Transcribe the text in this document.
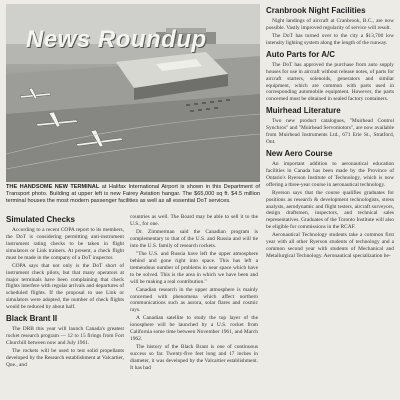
News Roundup
THE HANDSOME NEW TERMINAL at Halifax International Airport is shown in this Department of Transport photo. Building at upper left is new Fairey Aviation hangar. The $65,000 sq ft. $4.5 million terminal houses the most modern passenger facilities as well as all essential DoT services.
Simulated Checks

According to a recent COPA report to its members, the DoT is considering permitting anti-instrument instrument rating checks to be taken in flight simulators or Link trainers. At present, a check flight must be made in the company of a DoT inspector.

COPA says that not only is the DoT short of instrument check pilots, but that many operators at major terminals have been complaining that check flights interfere with regular arrivals and departures of scheduled flights. If the proposal to use Link or simulators were adopted, the number of check flights would be reduced by about half.

Black Brant II

The DRB this year will launch Canada's greatest rocket research program — 12 to 15 firings from Fort Churchill between now and July 1961.

The rockets will be used to test solid propellants developed by the Research establishment at Valcartier, Que., and

countries as well. The Board may be able to sell it to the U.S., for one.

Dr. Zimmerman said the Canadian program is complementary to that of the U.S. and Russia and will tie into the U.S. family of research rockets.

"The U.S. and Russia have left the upper atmosphere behind and gone right into space. This has left a tremendous number of problems in near space which have to be solved. This is the area in which we have been and will be making a real contribution."

Canadian research in the upper atmosphere is mainly concerned with phenomena which affect northern communications such as aurora, solar flares and cosmic rays.

A Canadian satellite to study the top layer of the ionosphere will be launched by a U.S. rocket from California some time between November 1961, and March 1962.

The history of the Black Brant is one of continuous success so far. Twenty-five feet long and 17 inches in diameter, it was developed by the Valcartier establishment. It has had

Cranbrook Night Facilities

Night landings of aircraft at Cranbrook, B.C., are now possible. Vastly improved regularity of service will result.

The DoT has turned over to the city a $13,700 low intensity lighting system along the length of the runway.

Auto Parts for A/C

The DoT has approved the purchase from auto supply houses for use in aircraft without release notes, of parts for aircraft starters, solenoids, generators and similar equipment, which are common with parts used in corresponding automobile equipment. However, the parts concerned must be obtained in sealed factory containers.

Muirhead Literature

Two new product catalogues, "Muirhead Control Synchros" and "Muirhead Servomotors", are now available from Muirhead Instruments Ltd., 671 Erie St., Stratford, Ont.

New Aero Course

An important addition to aeronautical education facilities in Canada has been made by the Province of Ontario's Ryerson Institute of Technology, which is now offering a three-year course in aeronautical technology.

Ryerson says that the course qualifies graduates for positions as research & development technologists, stress analysts, aerodynamic and flight testers, aircraft surveyors, design draftsmen, inspectors, and technical sales representatives. Graduates of the Toronto Institute will also be eligible for commissions in the RCAF.

Aeronautical Technology students take a common first year with all other Ryerson students of technology and a common second year with students of Mechanical and Metallurgical Technology. Aeronautical specialization be-
